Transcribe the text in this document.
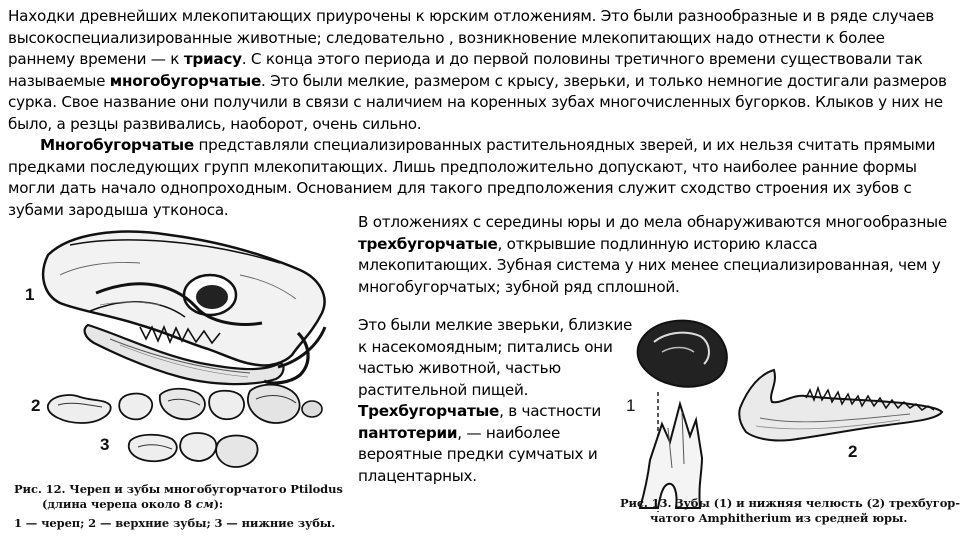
Находки древнейших млекопитающих приурочены к юрским отложениям. Это были разнообразные и в ряде случаев высокоспециализированные животные; следовательно , возникновение млекопитающих надо отнести к более раннему времени — к триасу. С конца этого периода и до первой половины третичного времени существовали так называемые многобугорчатые. Это были мелкие, размером с крысу, зверьки, и только немногие достигали размеров сурка. Свое название они получили в связи с наличием на коренных зубах многочисленных бугорков. Клыков у них не было, а резцы развивались, наоборот, очень сильно.

Многобугорчатые представляли специализированных растительноядных зверей, и их нельзя считать прямыми предками последующих групп млекопитающих. Лишь предположительно допускают, что наиболее ранние формы могли дать начало однопроходным. Основанием для такого предположения служит сходство строения их зубов с зубами зародыша утконоса.

В отложениях с середины юры и до мела обнаруживаются многообразные трехбугорчатые, открывшие подлинную историю класса млекопитающих. Зубная система у них менее специализированная, чем у многобугорчатых; зубной ряд сплошной.

Это были мелкие зверьки, близкие к насекомоядным; питались они частью животной, частью растительной пищей. Трехбугорчатые, в частности пантотерии, — наиболее вероятные предки сумчатых и плацентарных.

1
2
3
Рис. 12. Череп и зубы многобугорчатого Ptilodus
(длина черепа около 8 см):
1 — череп; 2 — верхние зубы; 3 — нижние зубы.
1
2
Рис. 13. Зубы (1) и нижняя челюсть (2) трехбугор-
чатого Amphitherium из средней юры.
